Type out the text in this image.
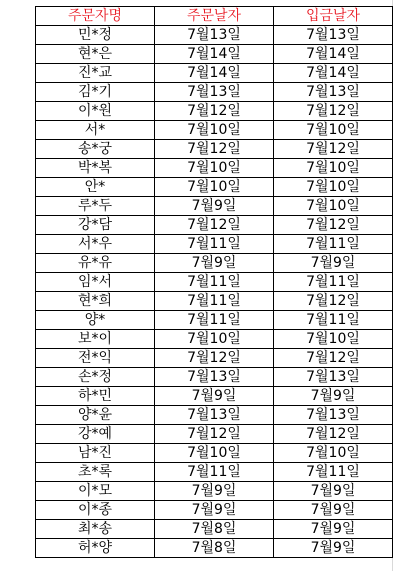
주문자명	주문날자	입금날자
민*정	7월13일	7월13일
현*은	7월14일	7월14일
진*교	7월14일	7월14일
김*기	7월13일	7월13일
이*원	7월12일	7월12일
서*	7월10일	7월10일
송*궁	7월12일	7월12일
박*복	7월10일	7월10일
안*	7월10일	7월10일
루*두	7월9일	7월10일
강*담	7월12일	7월12일
서*우	7월11일	7월11일
유*유	7월9일	7월9일
임*서	7월11일	7월11일
현*희	7월11일	7월12일
양*	7월11일	7월11일
보*이	7월10일	7월10일
전*익	7월12일	7월12일
손*정	7월13일	7월13일
하*민	7월9일	7월9일
양*윤	7월13일	7월13일
강*예	7월12일	7월12일
남*진	7월10일	7월10일
초*록	7월11일	7월11일
이*모	7월9일	7월9일
이*종	7월9일	7월9일
최*송	7월8일	7월9일
허*양	7월8일	7월9일
